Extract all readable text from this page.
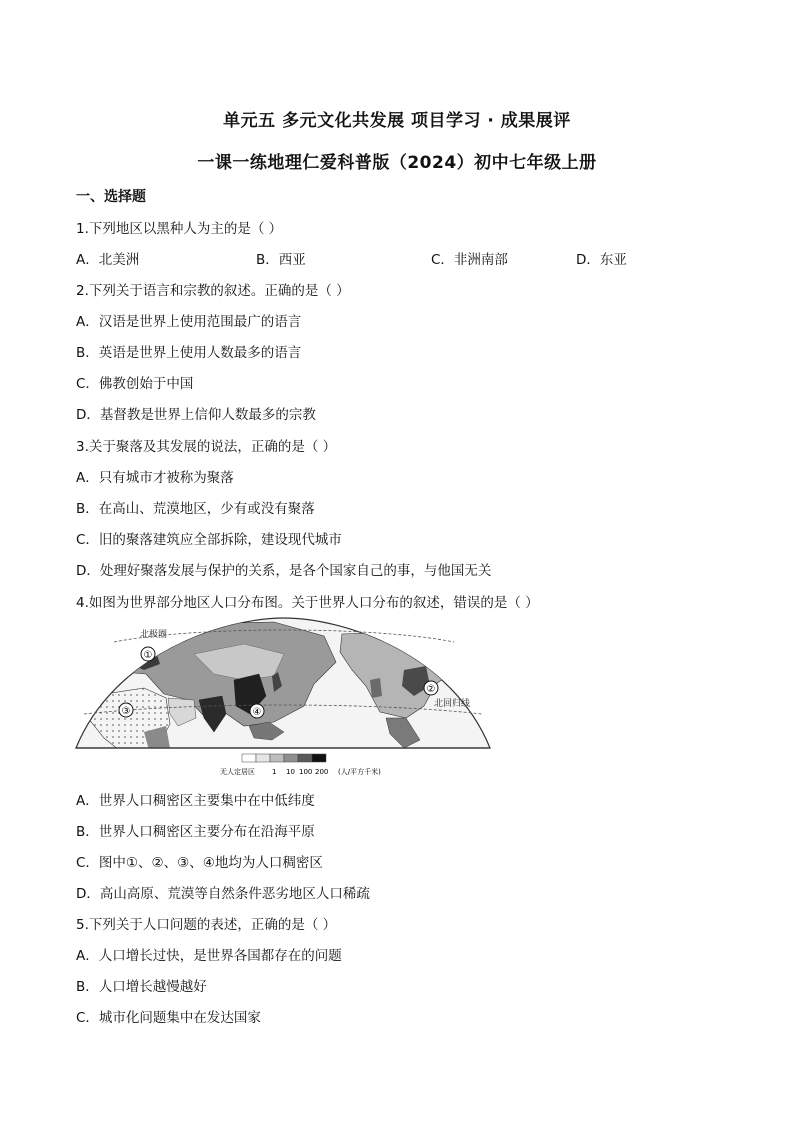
单元五 多元文化共发展 项目学习 · 成果展评
一课一练地理仁爱科普版（2024）初中七年级上册
一、选择题
1.下列地区以黑种人为主的是（ ）
A．北美洲	B．西亚	C．非洲南部	D．东亚
2.下列关于语言和宗教的叙述。正确的是（ ）
A．汉语是世界上使用范围最广的语言
B．英语是世界上使用人数最多的语言
C．佛教创始于中国
D．基督教是世界上信仰人数最多的宗教
3.关于聚落及其发展的说法，正确的是（ ）
A．只有城市才被称为聚落
B．在高山、荒漠地区，少有或没有聚落
C．旧的聚落建筑应全部拆除，建设现代城市
D．处理好聚落发展与保护的关系，是各个国家自己的事，与他国无关
4.如图为世界部分地区人口分布图。关于世界人口分布的叙述，错误的是（ ）
北极圈
北回归线
①
②
③	④
无人定居区 1 10 100 200 (人/平方千米)
A．世界人口稠密区主要集中在中低纬度
B．世界人口稠密区主要分布在沿海平原
C．图中①、②、③、④地均为人口稠密区
D．高山高原、荒漠等自然条件恶劣地区人口稀疏
5.下列关于人口问题的表述，正确的是（ ）
A．人口增长过快，是世界各国都存在的问题
B．人口增长越慢越好
C．城市化问题集中在发达国家
